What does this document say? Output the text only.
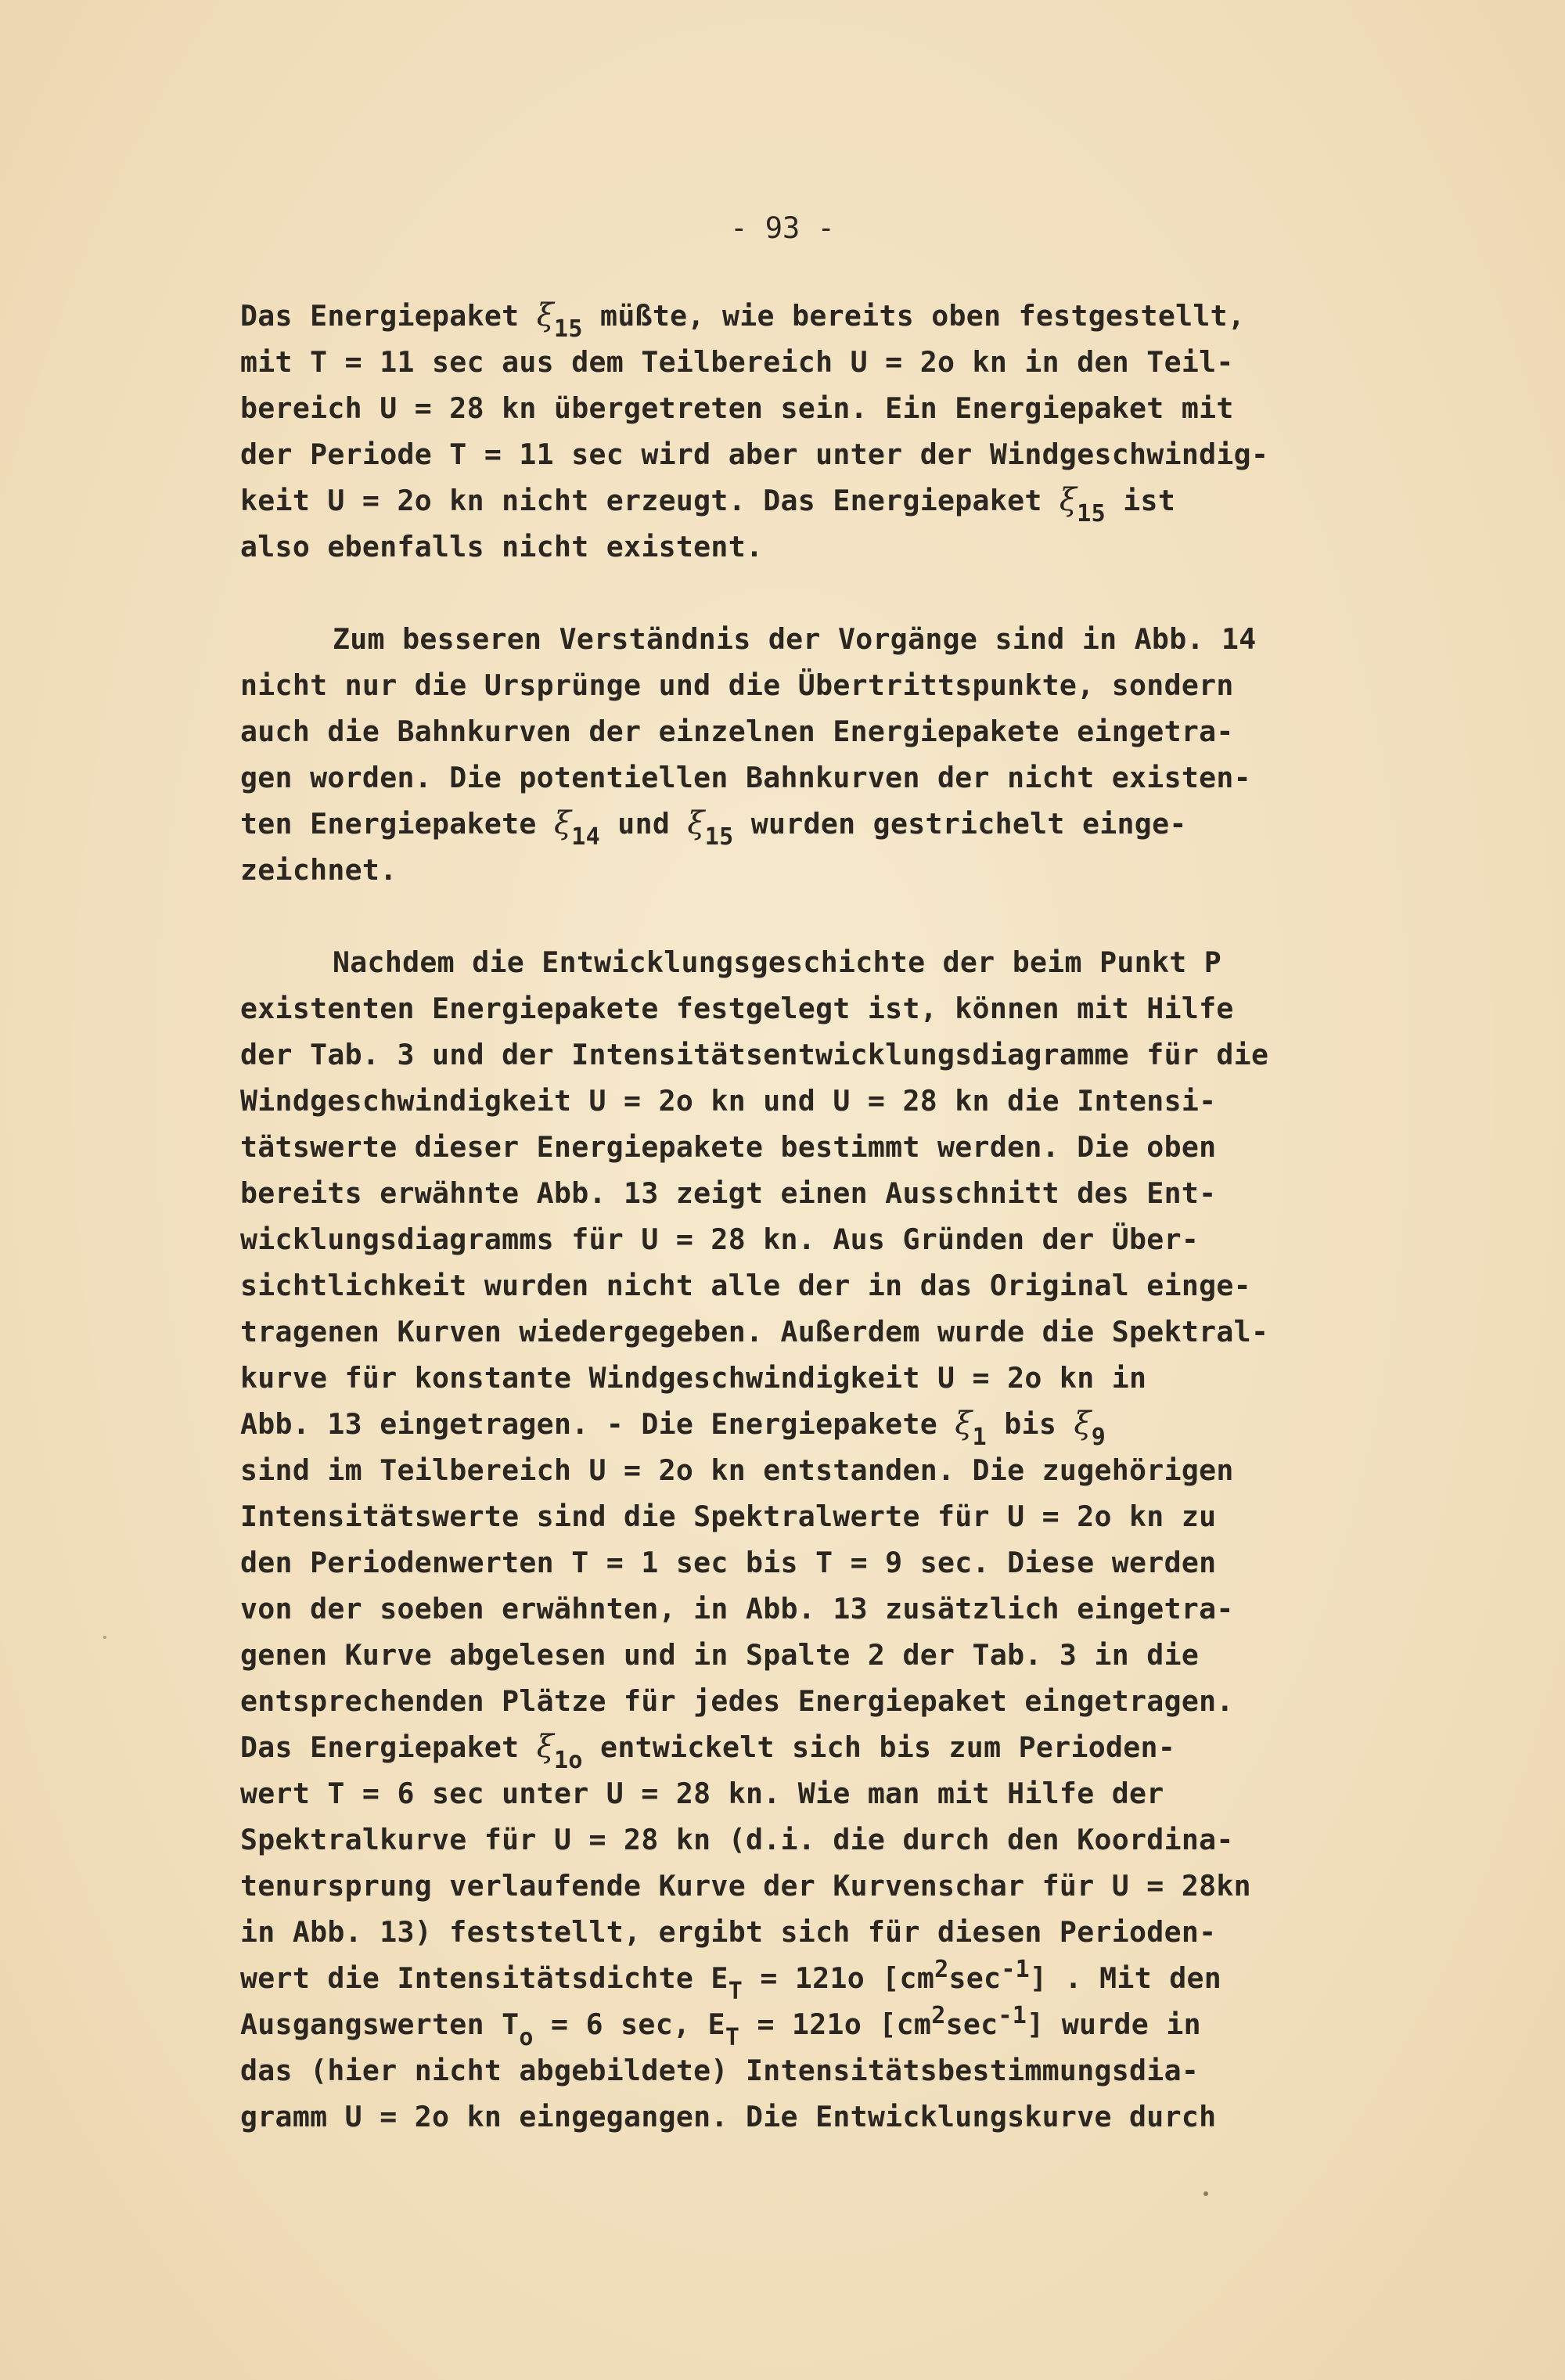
- 93 -
Das Energiepaket $\xi_{15}$ müßte, wie bereits oben festgestellt,
mit T = 11 sec aus dem Teilbereich U = 2o kn in den Teil-
bereich U = 28 kn übergetreten sein. Ein Energiepaket mit
der Periode T = 11 sec wird aber unter der Windgeschwindig-
keit U = 2o kn nicht erzeugt. Das Energiepaket $\xi_{15}$ ist
also ebenfalls nicht existent.
Zum besseren Verständnis der Vorgänge sind in Abb. 14
nicht nur die Ursprünge und die Übertrittspunkte, sondern
auch die Bahnkurven der einzelnen Energiepakete eingetra-
gen worden. Die potentiellen Bahnkurven der nicht existen-
ten Energiepakete $\xi_{14}$ und $\xi_{15}$ wurden gestrichelt einge-
zeichnet.
Nachdem die Entwicklungsgeschichte der beim Punkt P
existenten Energiepakete festgelegt ist, können mit Hilfe
der Tab. 3 und der Intensitätsentwicklungsdiagramme für die
Windgeschwindigkeit U = 2o kn und U = 28 kn die Intensi-
tätswerte dieser Energiepakete bestimmt werden. Die oben
bereits erwähnte Abb. 13 zeigt einen Ausschnitt des Ent-
wicklungsdiagramms für U = 28 kn. Aus Gründen der Über-
sichtlichkeit wurden nicht alle der in das Original einge-
tragenen Kurven wiedergegeben. Außerdem wurde die Spektral-
kurve für konstante Windgeschwindigkeit U = 2o kn in
Abb. 13 eingetragen. - Die Energiepakete $\xi_1$ bis $\xi_9$
sind im Teilbereich U = 2o kn entstanden. Die zugehörigen
Intensitätswerte sind die Spektralwerte für U = 2o kn zu
den Periodenwerten T = 1 sec bis T = 9 sec. Diese werden
von der soeben erwähnten, in Abb. 13 zusätzlich eingetra-
genen Kurve abgelesen und in Spalte 2 der Tab. 3 in die
entsprechenden Plätze für jedes Energiepaket eingetragen.
Das Energiepaket $\xi_{1o}$ entwickelt sich bis zum Perioden-
wert T = 6 sec unter U = 28 kn. Wie man mit Hilfe der
Spektralkurve für U = 28 kn (d.i. die durch den Koordina-
tenursprung verlaufende Kurve der Kurvenschar für U = 28kn
in Abb. 13) feststellt, ergibt sich für diesen Perioden-
wert die Intensitätsdichte $E_T = 121o$ $[cm^2\sec^{-1}]$ . Mit den
Ausgangswerten $T_o = 6$ sec, $E_T = 121o$ $[cm^2\sec^{-1}]$ wurde in
das (hier nicht abgebildete) Intensitätsbestimmungsdia-
gramm U = 2o kn eingegangen. Die Entwicklungskurve durch
